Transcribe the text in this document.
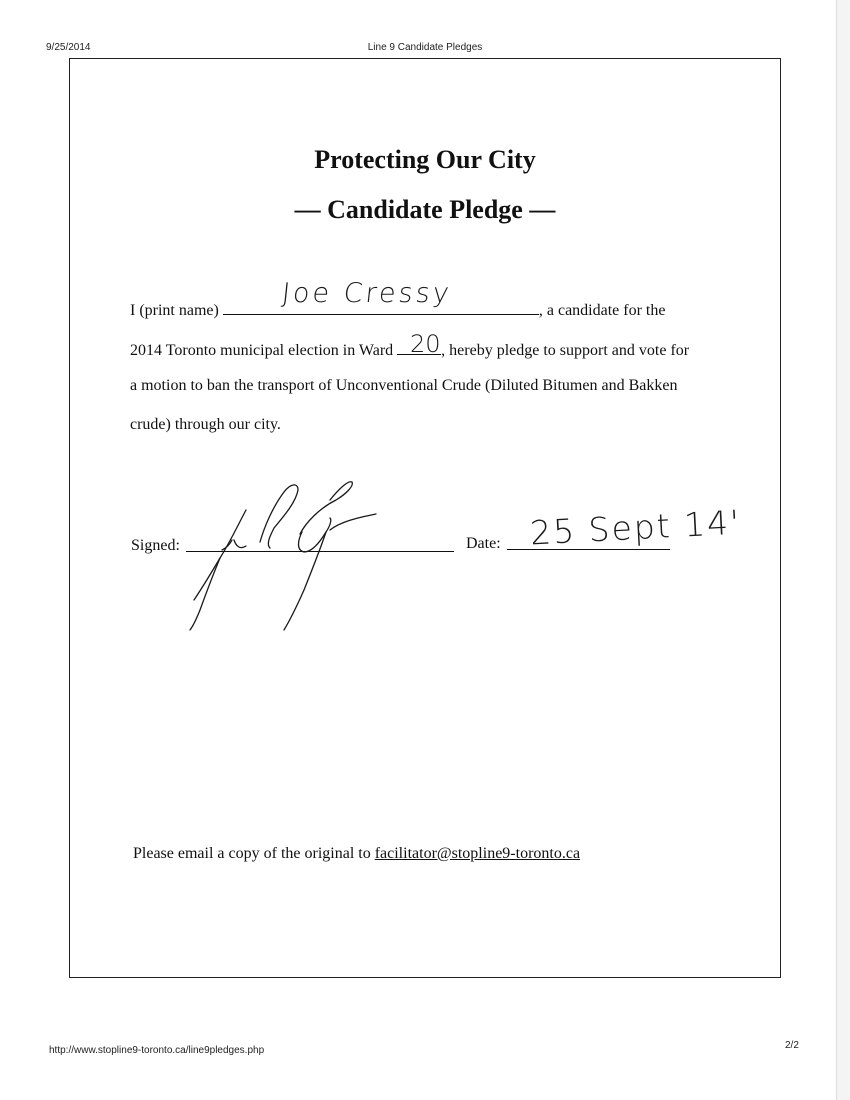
9/25/2014	Line 9 Candidate Pledges
Protecting Our City
— Candidate Pledge —
I (print name)	, a candidate for the
2014 Toronto municipal election in Ward	, hereby pledge to support and vote for
a motion to ban the transport of Unconventional Crude (Diluted Bitumen and Bakken
crude) through our city.
Joe Cressy
20
Signed:	Date: 25 Sept 14'
Please email a copy of the original to facilitator@stopline9-toronto.ca
http://www.stopline9-toronto.ca/line9pledges.php	2/2
